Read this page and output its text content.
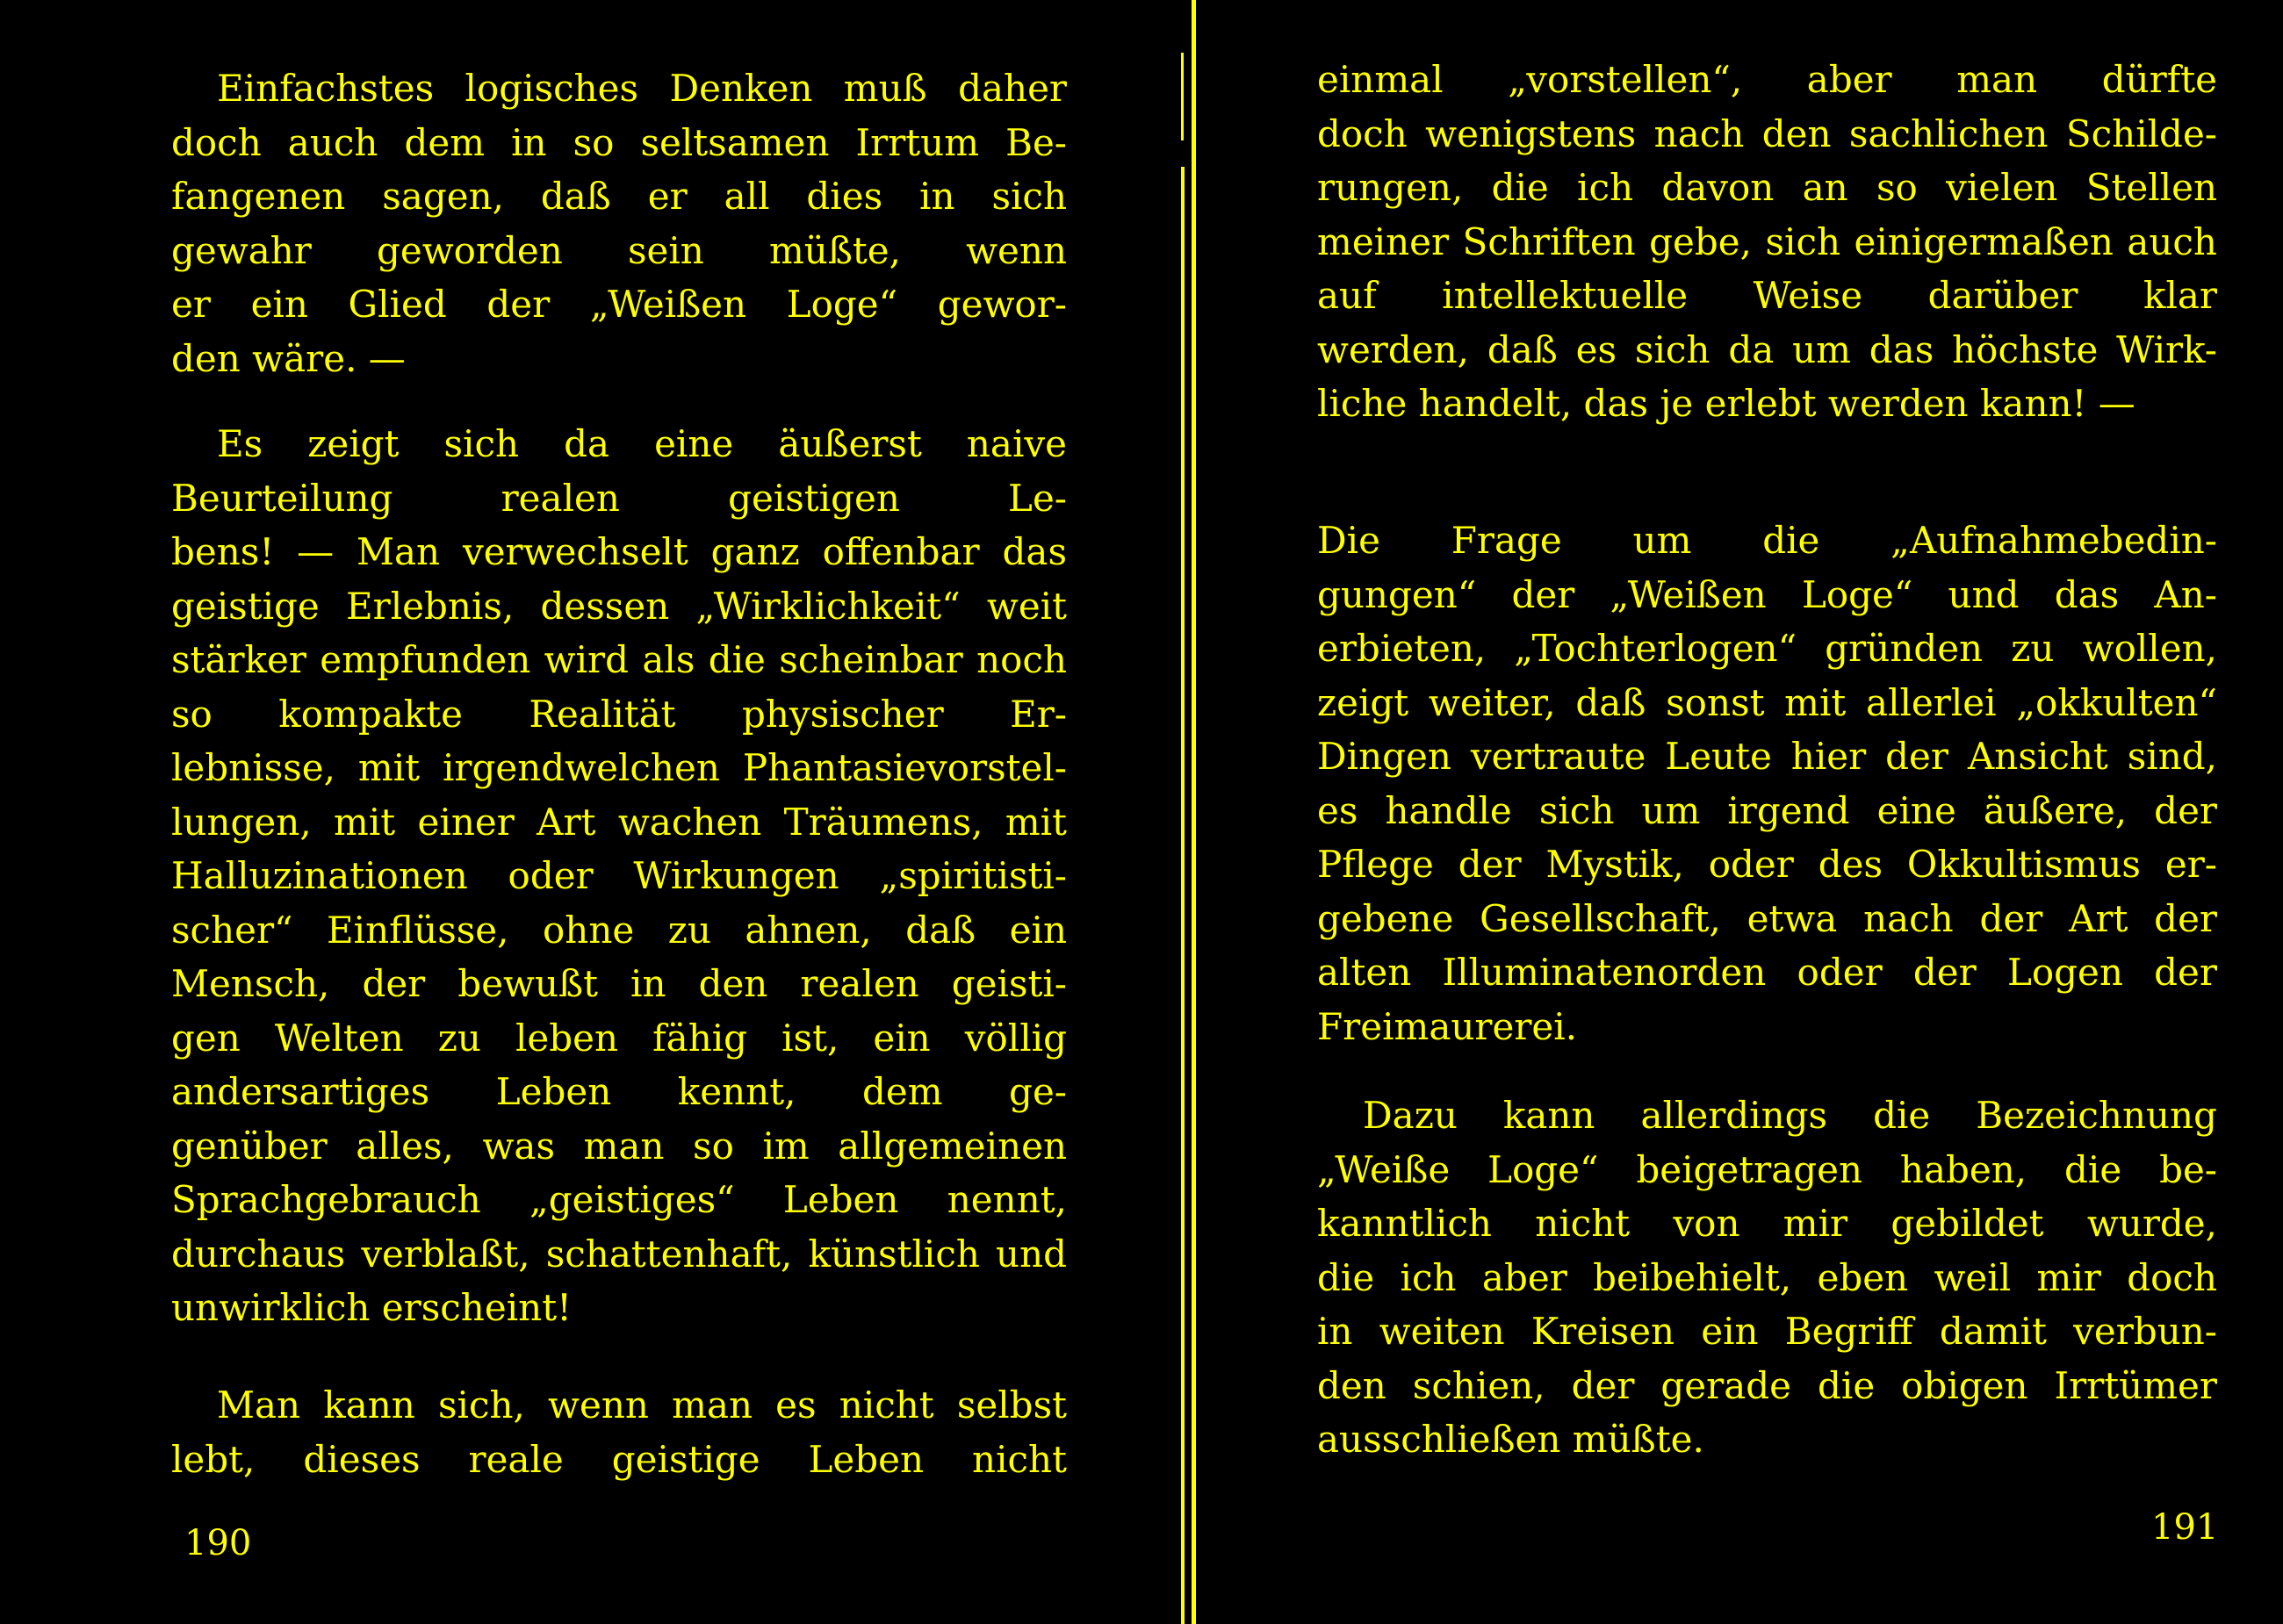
Einfachstes logisches Denken muß daher
doch auch dem in so seltsamen Irrtum Be-
fangenen sagen, daß er all dies in sich
gewahr geworden sein müßte, wenn
er ein Glied der „Weißen Loge“ gewor-
den wäre. —
Es zeigt sich da eine äußerst naive
Beurteilung realen geistigen Le-
bens! — Man verwechselt ganz offenbar das
geistige Erlebnis, dessen „Wirklichkeit“ weit
stärker empfunden wird als die scheinbar noch
so kompakte Realität physischer Er-
lebnisse, mit irgendwelchen Phantasievorstel-
lungen, mit einer Art wachen Träumens, mit
Halluzinationen oder Wirkungen „spiritisti-
scher“ Einflüsse, ohne zu ahnen, daß ein
Mensch, der bewußt in den realen geisti-
gen Welten zu leben fähig ist, ein völlig
andersartiges Leben kennt, dem ge-
genüber alles, was man so im allgemeinen
Sprachgebrauch „geistiges“ Leben nennt,
durchaus verblaßt, schattenhaft, künstlich und
unwirklich erscheint!
Man kann sich, wenn man es nicht selbst
lebt, dieses reale geistige Leben nicht
190
einmal „vorstellen“, aber man dürfte
doch wenigstens nach den sachlichen Schilde-
rungen, die ich davon an so vielen Stellen
meiner Schriften gebe, sich einigermaßen auch
auf intellektuelle Weise darüber klar
werden, daß es sich da um das höchste Wirk-
liche handelt, das je erlebt werden kann! —
Die Frage um die „Aufnahmebedin-
gungen“ der „Weißen Loge“ und das An-
erbieten, „Tochterlogen“ gründen zu wollen,
zeigt weiter, daß sonst mit allerlei „okkulten“
Dingen vertraute Leute hier der Ansicht sind,
es handle sich um irgend eine äußere, der
Pflege der Mystik, oder des Okkultismus er-
gebene Gesellschaft, etwa nach der Art der
alten Illuminatenorden oder der Logen der
Freimaurerei.
Dazu kann allerdings die Bezeichnung
„Weiße Loge“ beigetragen haben, die be-
kanntlich nicht von mir gebildet wurde,
die ich aber beibehielt, eben weil mir doch
in weiten Kreisen ein Begriff damit verbun-
den schien, der gerade die obigen Irrtümer
ausschließen müßte.
191
